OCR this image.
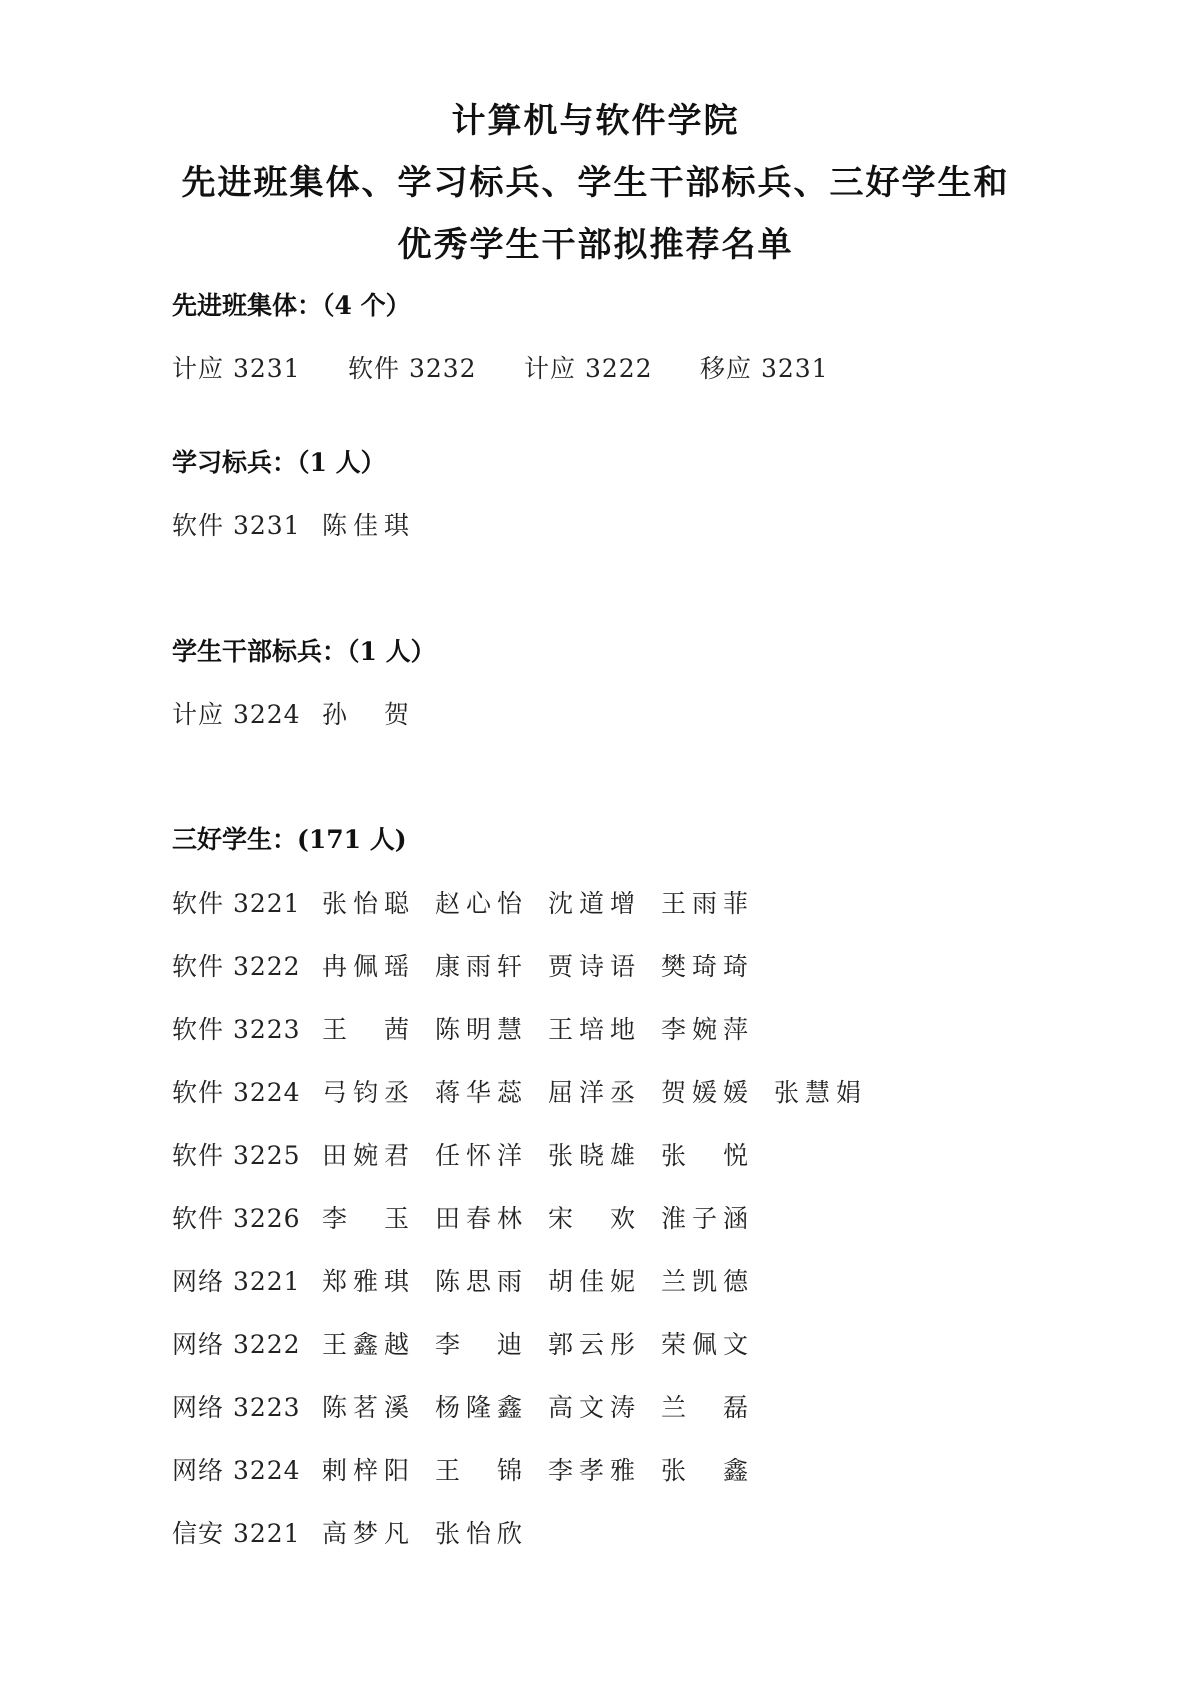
计算机与软件学院
先进班集体、学习标兵、学生干部标兵、三好学生和
优秀学生干部拟推荐名单
先进班集体：（4 个）
计应 3231 软件 3232 计应 3222 移应 3231
学习标兵：（1 人）
软件 3231 陈佳琪
学生干部标兵：（1 人）
计应 3224 孙　贺
三好学生：(171 人)
软件 3221 张怡聪 赵心怡 沈道增 王雨菲
软件 3222 冉佩瑶 康雨轩 贾诗语 樊琦琦
软件 3223 王　茜 陈明慧 王培地 李婉萍
软件 3224 弓钧丞 蒋华蕊 屈洋丞 贺媛媛 张慧娟
软件 3225 田婉君 任怀洋 张晓雄 张　悦
软件 3226 李　玉 田春林 宋　欢 淮子涵
网络 3221 郑雅琪 陈思雨 胡佳妮 兰凯德
网络 3222 王鑫越 李　迪 郭云彤 荣佩文
网络 3223 陈茗溪 杨隆鑫 高文涛 兰　磊
网络 3224 剌梓阳 王　锦 李孝雅 张　鑫
信安 3221 高梦凡 张怡欣
